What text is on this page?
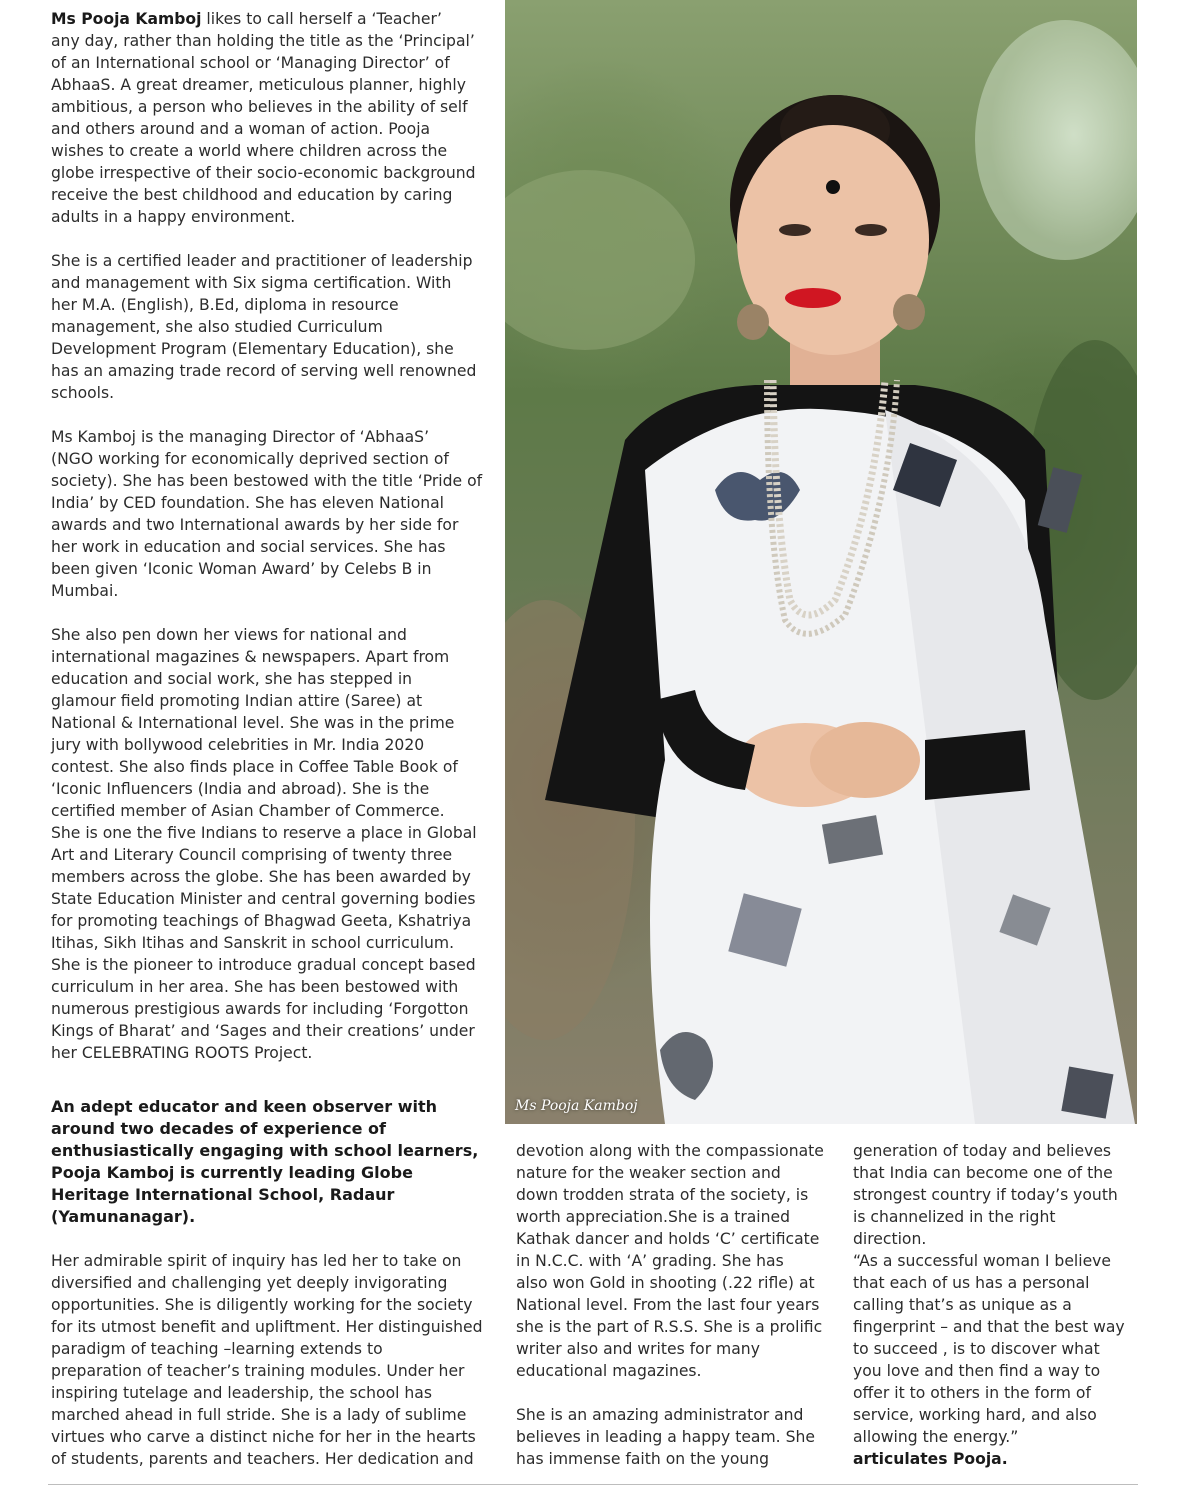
Ms Pooja Kamboj likes to call herself a ‘Teacher’
any day, rather than holding the title as the ‘Principal’
of an International school or ‘Managing Director’ of
AbhaaS. A great dreamer, meticulous planner, highly
ambitious, a person who believes in the ability of self
and others around and a woman of action. Pooja
wishes to create a world where children across the
globe irrespective of their socio-economic background
receive the best childhood and education by caring
adults in a happy environment.

She is a certified leader and practitioner of leadership
and management with Six sigma certification. With
her M.A. (English), B.Ed, diploma in resource
management, she also studied Curriculum
Development Program (Elementary Education), she
has an amazing trade record of serving well renowned
schools.

Ms Kamboj is the managing Director of ‘AbhaaS’
(NGO working for economically deprived section of
society). She has been bestowed with the title ‘Pride of
India’ by CED foundation. She has eleven National
awards and two International awards by her side for
her work in education and social services. She has
been given ‘Iconic Woman Award’ by Celebs B in
Mumbai.

She also pen down her views for national and
international magazines & newspapers. Apart from
education and social work, she has stepped in
glamour field promoting Indian attire (Saree) at
National & International level. She was in the prime
jury with bollywood celebrities in Mr. India 2020
contest. She also finds place in Coffee Table Book of
‘Iconic Influencers (India and abroad). She is the
certified member of Asian Chamber of Commerce.
She is one the five Indians to reserve a place in Global
Art and Literary Council comprising of twenty three
members across the globe. She has been awarded by
State Education Minister and central governing bodies
for promoting teachings of Bhagwad Geeta, Kshatriya
Itihas, Sikh Itihas and Sanskrit in school curriculum.
She is the pioneer to introduce gradual concept based
curriculum in her area. She has been bestowed with
numerous prestigious awards for including ‘Forgotton
Kings of Bharat’ and ‘Sages and their creations’ under
her CELEBRATING ROOTS Project.

Ms Pooja Kamboj
An adept educator and keen observer with
around two decades of experience of
enthusiastically engaging with school learners,
Pooja Kamboj is currently leading Globe
Heritage International School, Radaur
(Yamunanagar).

Her admirable spirit of inquiry has led her to take on
diversified and challenging yet deeply invigorating
opportunities. She is diligently working for the society
for its utmost benefit and upliftment. Her distinguished
paradigm of teaching –learning extends to
preparation of teacher’s training modules. Under her
inspiring tutelage and leadership, the school has
marched ahead in full stride. She is a lady of sublime
virtues who carve a distinct niche for her in the hearts
of students, parents and teachers. Her dedication and

devotion along with the compassionate
nature for the weaker section and
down trodden strata of the society, is
worth appreciation.She is a trained
Kathak dancer and holds ‘C’ certificate
in N.C.C. with ‘A’ grading. She has
also won Gold in shooting (.22 rifle) at
National level. From the last four years
she is the part of R.S.S. She is a prolific
writer also and writes for many
educational magazines.

She is an amazing administrator and
believes in leading a happy team. She
has immense faith on the young

generation of today and believes
that India can become one of the
strongest country if today’s youth
is channelized in the right
direction.

“As a successful woman I believe
that each of us has a personal
calling that’s as unique as a
fingerprint – and that the best way
to succeed , is to discover what
you love and then find a way to
offer it to others in the form of
service, working hard, and also
allowing the energy.”

articulates Pooja.
